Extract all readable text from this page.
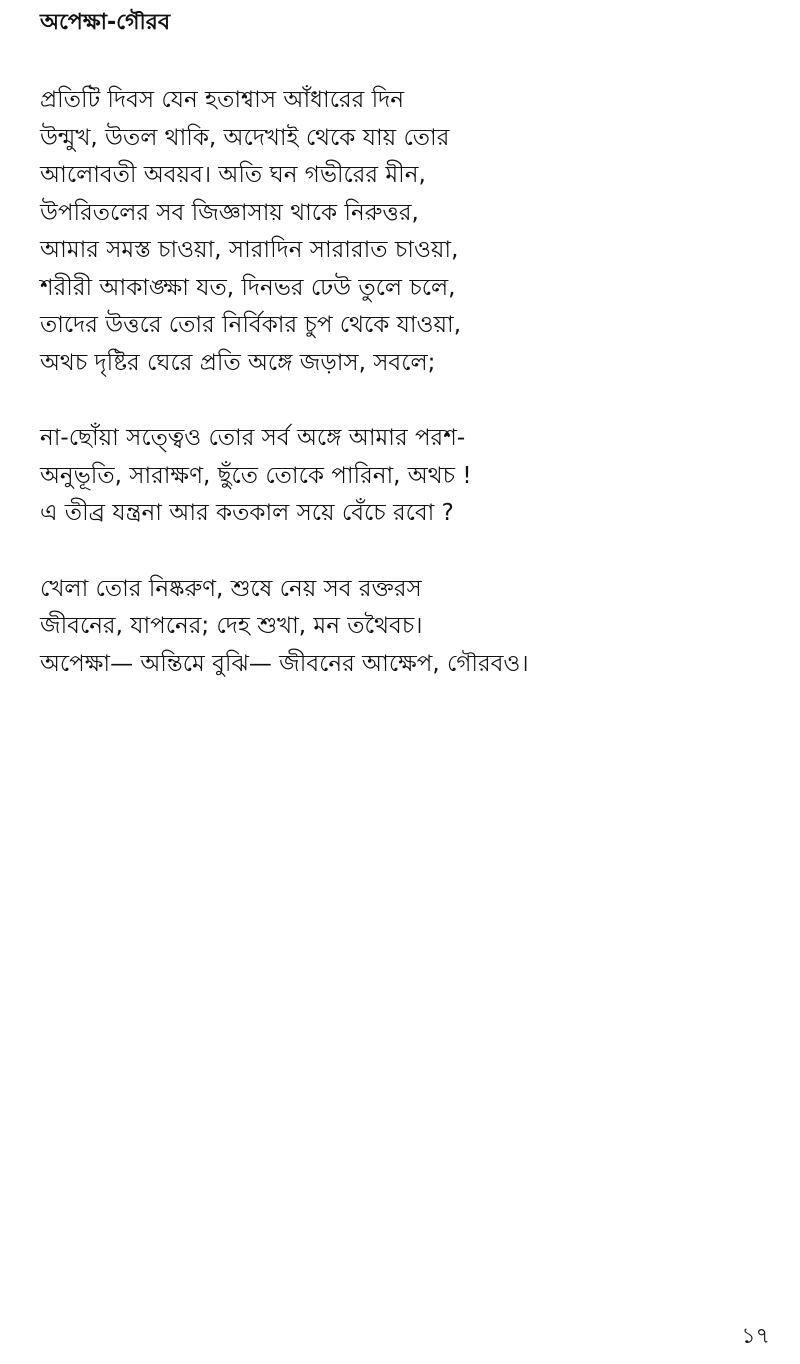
অপেক্ষা-গৌরব
প্রতিটি দিবস যেন হতাশ্বাস আঁধারের দিন
উন্মুখ, উতল থাকি, অদেখাই থেকে যায় তোর
আলোবতী অবয়ব। অতি ঘন গভীরের মীন,
উপরিতলের সব জিজ্ঞাসায় থাকে নিরুত্তর,
আমার সমস্ত চাওয়া, সারাদিন সারারাত চাওয়া,
শরীরী আকাঙ্ক্ষা যত, দিনভর ঢেউ তুলে চলে,
তাদের উত্তরে তোর নির্বিকার চুপ থেকে যাওয়া,
অথচ দৃষ্টির ঘেরে প্রতি অঙ্গে জড়াস, সবলে;
না-ছোঁয়া সত্ত্বেও তোর সর্ব অঙ্গে আমার পরশ-
অনুভূতি, সারাক্ষণ, ছুঁতে তোকে পারিনা, অথচ !
এ তীব্র যন্ত্রনা আর কতকাল সয়ে বেঁচে রবো ?
খেলা তোর নিষ্করুণ, শুষে নেয় সব রক্তরস
জীবনের, যাপনের; দেহ শুখা, মন তথৈবচ।
অপেক্ষা— অন্তিমে বুঝি— জীবনের আক্ষেপ, গৌরবও।
১৭
